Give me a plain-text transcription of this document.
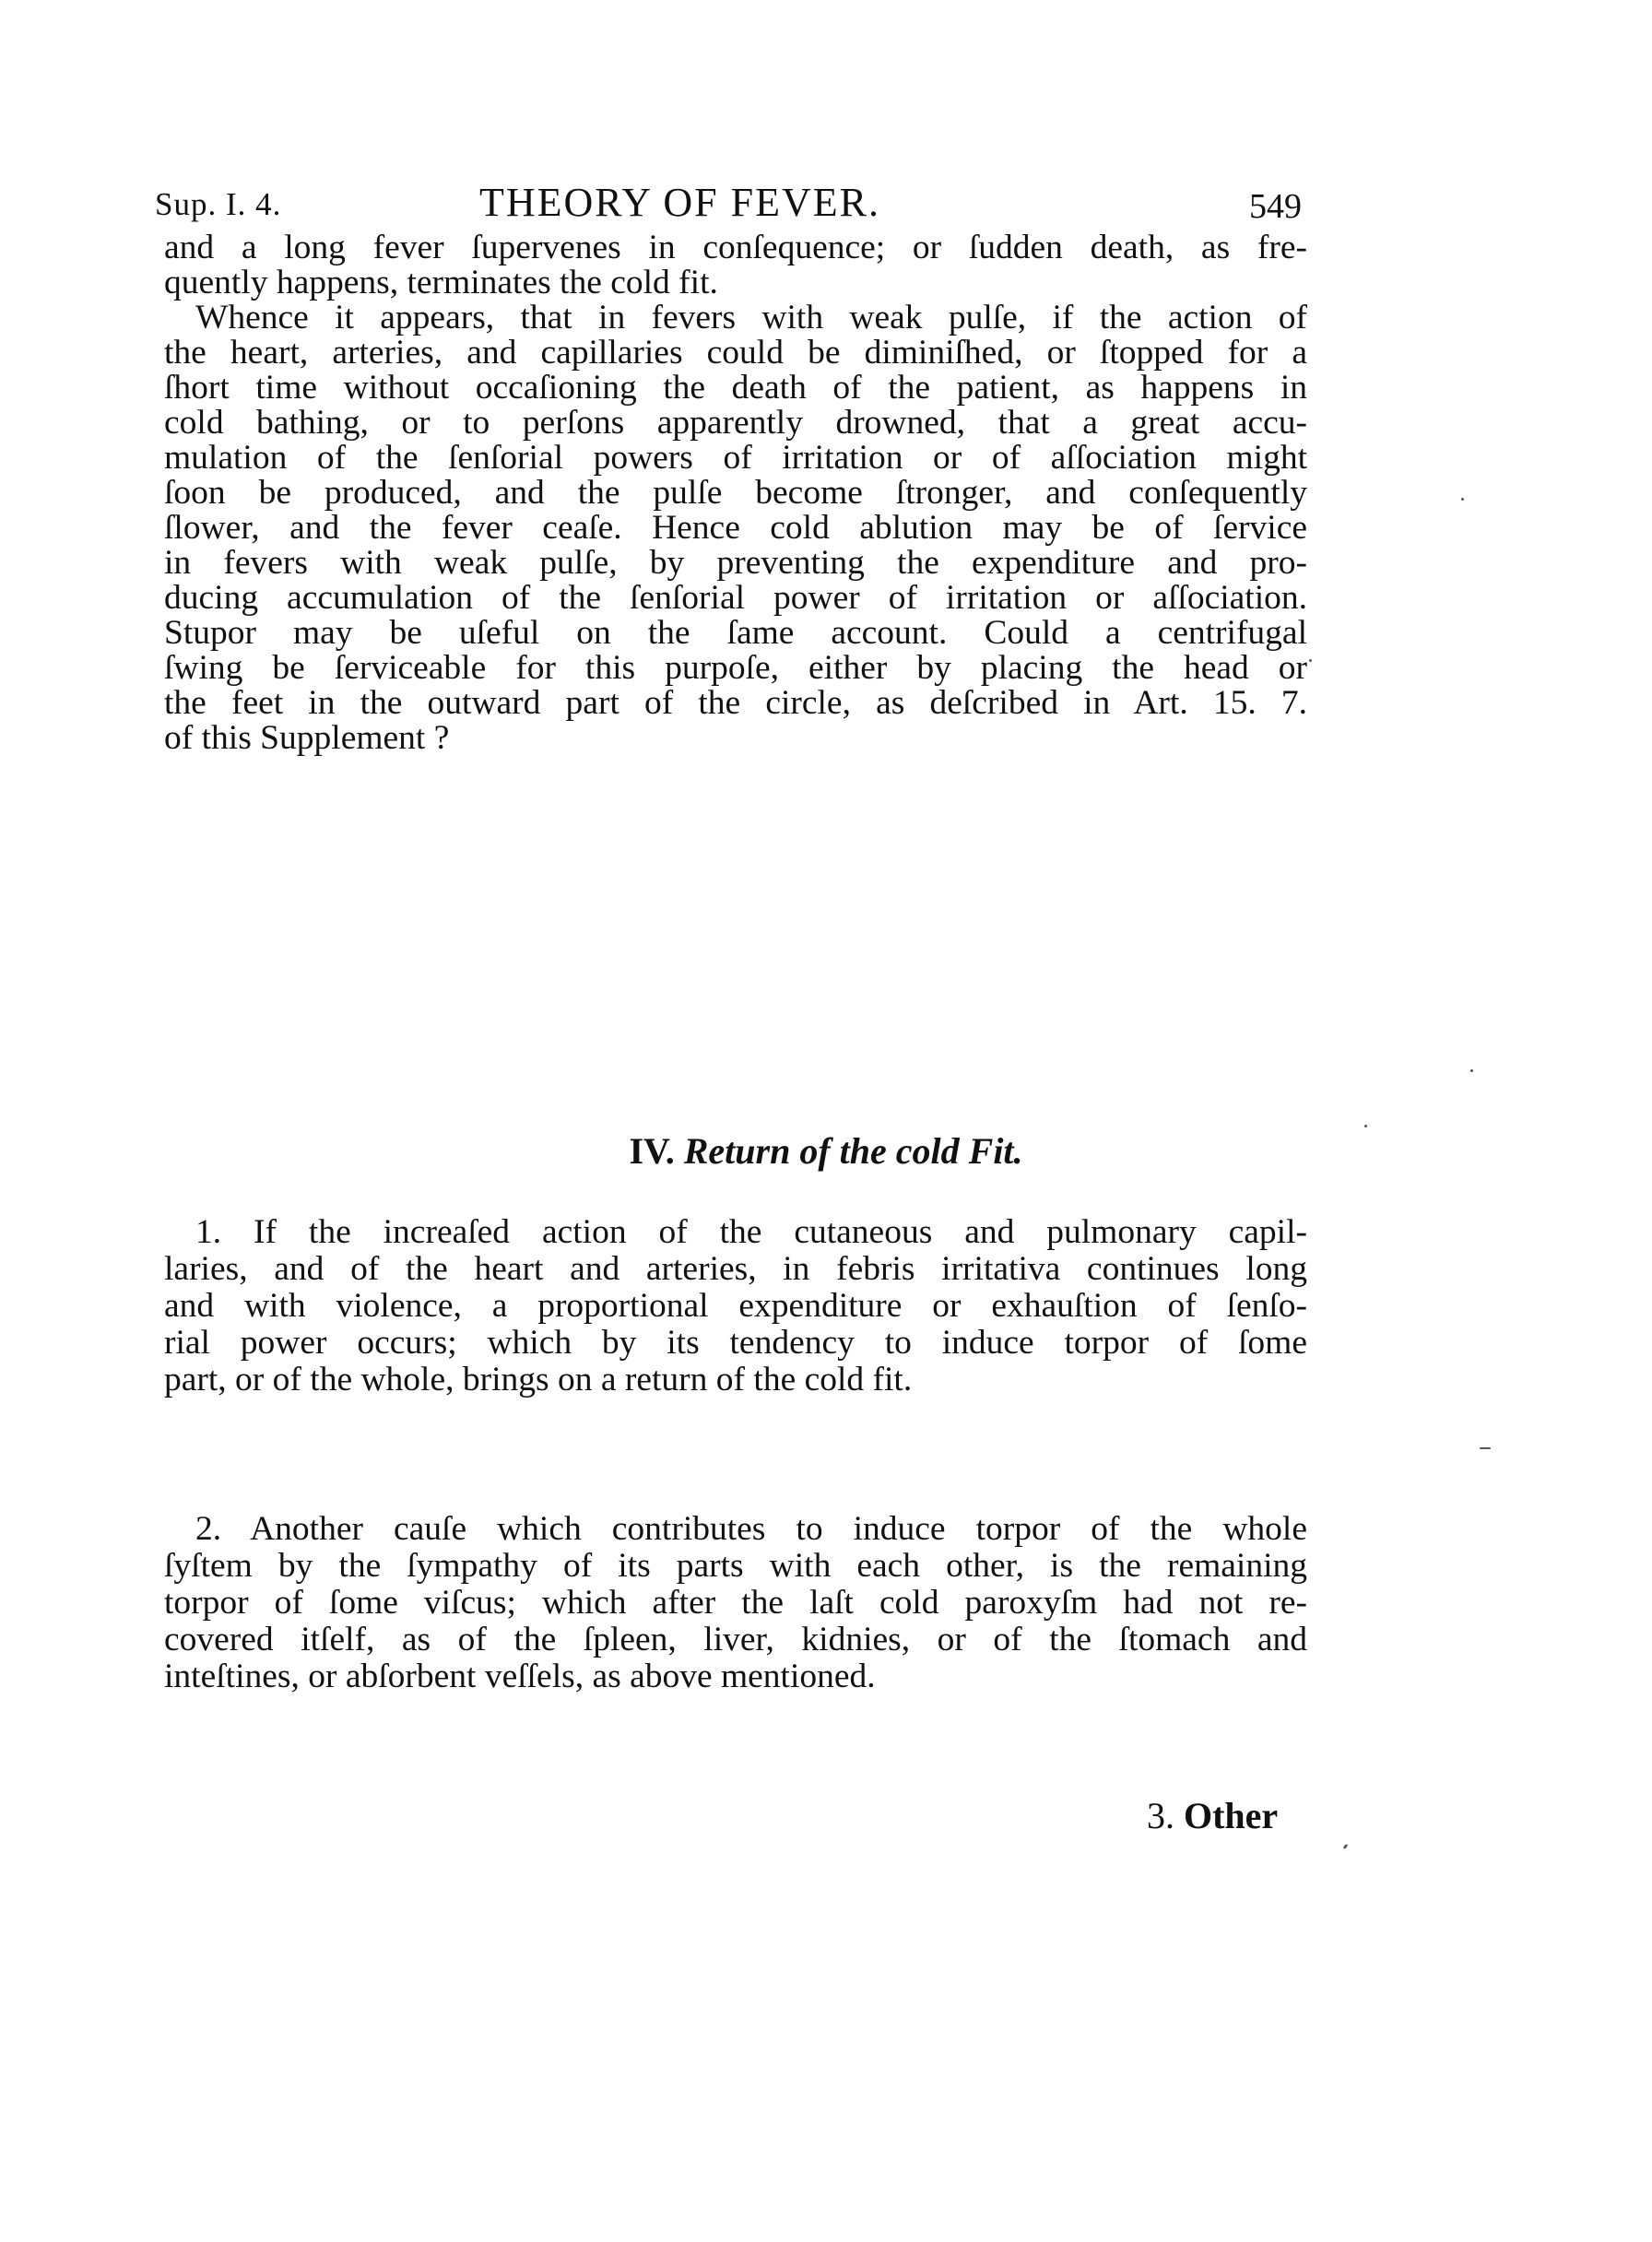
Sup. I. 4.	THEORY OF FEVER.	549
and a long fever ſupervenes in conſequence; or ſudden death, as fre-
quently happens, terminates the cold fit.
Whence it appears, that in fevers with weak pulſe, if the action of
the heart, arteries, and capillaries could be diminiſhed, or ſtopped for a
ſhort time without occaſioning the death of the patient, as happens in
cold bathing, or to perſons apparently drowned, that a great accu-
mulation of the ſenſorial powers of irritation or of aſſociation might
ſoon be produced, and the pulſe become ſtronger, and conſequently
ſlower, and the fever ceaſe. Hence cold ablution may be of ſervice
in fevers with weak pulſe, by preventing the expenditure and pro-
ducing accumulation of the ſenſorial power of irritation or aſſociation.
Stupor may be uſeful on the ſame account. Could a centrifugal
ſwing be ſerviceable for this purpoſe, either by placing the head or
the feet in the outward part of the circle, as deſcribed in Art. 15. 7.
of this Supplement ?
IV. Return of the cold Fit.
1. If the increaſed action of the cutaneous and pulmonary capil-
laries, and of the heart and arteries, in febris irritativa continues long
and with violence, a proportional expenditure or exhauſtion of ſenſo-
rial power occurs; which by its tendency to induce torpor of ſome
part, or of the whole, brings on a return of the cold fit.
2. Another cauſe which contributes to induce torpor of the whole
ſyſtem by the ſympathy of its parts with each other, is the remaining
torpor of ſome viſcus; which after the laſt cold paroxyſm had not re-
covered itſelf, as of the ſpleen, liver, kidnies, or of the ſtomach and
inteſtines, or abſorbent veſſels, as above mentioned.
3. Other
